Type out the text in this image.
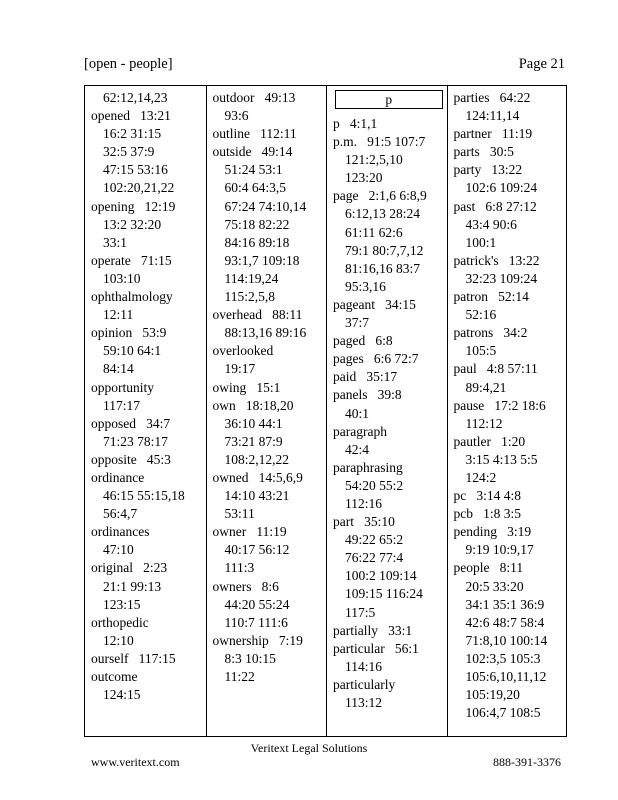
[open - people]	Page 21
62:12,14,23
opened   13:21
16:2 31:15
32:5 37:9
47:15 53:16
102:20,21,22
opening   12:19
13:2 32:20
33:1
operate   71:15
103:10
ophthalmology
12:11
opinion   53:9
59:10 64:1
84:14
opportunity
117:17
opposed   34:7
71:23 78:17
opposite   45:3
ordinance
46:15 55:15,18
56:4,7
ordinances
47:10
original   2:23
21:1 99:13
123:15
orthopedic
12:10
ourself   117:15
outcome
124:15
outdoor   49:13
93:6
outline   112:11
outside   49:14
51:24 53:1
60:4 64:3,5
67:24 74:10,14
75:18 82:22
84:16 89:18
93:1,7 109:18
114:19,24
115:2,5,8
overhead   88:11
88:13,16 89:16
overlooked
19:17
owing   15:1
own   18:18,20
36:10 44:1
73:21 87:9
108:2,12,22
owned   14:5,6,9
14:10 43:21
53:11
owner   11:19
40:17 56:12
111:3
owners   8:6
44:20 55:24
110:7 111:6
ownership   7:19
8:3 10:15
11:22
p
p   4:1,1
p.m.   91:5 107:7
121:2,5,10
123:20
page   2:1,6 6:8,9
6:12,13 28:24
61:11 62:6
79:1 80:7,7,12
81:16,16 83:7
95:3,16
pageant   34:15
37:7
paged   6:8
pages   6:6 72:7
paid   35:17
panels   39:8
40:1
paragraph
42:4
paraphrasing
54:20 55:2
112:16
part   35:10
49:22 65:2
76:22 77:4
100:2 109:14
109:15 116:24
117:5
partially   33:1
particular   56:1
114:16
particularly
113:12
parties   64:22
124:11,14
partner   11:19
parts   30:5
party   13:22
102:6 109:24
past   6:8 27:12
43:4 90:6
100:1
patrick's   13:22
32:23 109:24
patron   52:14
52:16
patrons   34:2
105:5
paul   4:8 57:11
89:4,21
pause   17:2 18:6
112:12
pautler   1:20
3:15 4:13 5:5
124:2
pc   3:14 4:8
pcb   1:8 3:5
pending   3:19
9:19 10:9,17
people   8:11
20:5 33:20
34:1 35:1 36:9
42:6 48:7 58:4
71:8,10 100:14
102:3,5 105:3
105:6,10,11,12
105:19,20
106:4,7 108:5
Veritext Legal Solutions
www.veritext.com	888-391-3376
